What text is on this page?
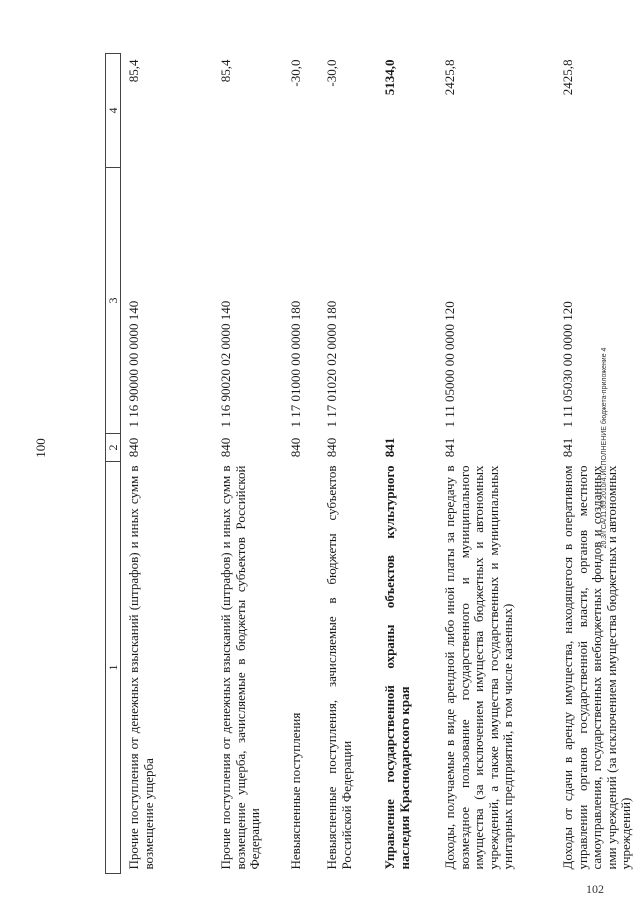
100
1	2	3	4
Прочие поступления от денежных взысканий (штрафов) и иных сумм в возмещение ущерба	840	1 16 90000 00 0000 140	85,4
Прочие поступления от денежных взысканий (штрафов) и иных сумм в возмещение ущерба, зачисляемые в бюджеты субъектов Российской Федерации	840	1 16 90020 02 0000 140	85,4
Невыясненные поступления	840	1 17 01000 00 0000 180	-30,0
Невыясненные поступления, зачисляемые в бюджеты субъектов Российской Федерации	840	1 17 01020 02 0000 180	-30,0
Управление государственной охраны объектов культурного наследия Краснодарского края	841		5134,0
Доходы, получаемые в виде арендной либо иной платы за передачу в возмездное пользование государственного и муниципального имущества (за исключением имущества бюджетных и автономных учреждений, а также имущества государственных и муниципальных унитарных предприятий, в том числе казенных)	841	1 11 05000 00 0000 120	2425,8
Доходы от сдачи в аренду имущества, находящегося в оперативном управлении органов государственной власти, органов местного самоуправления, государственных внебюджетных фондов и созданных ими учреждений (за исключением имущества бюджетных и автономных учреждений)	841	1 11 05030 00 0000 120	2425,8
20.3/ГСА/11.05.2010/4.ИСПОЛНЕНИЕ бюджета-приложение 4
102
